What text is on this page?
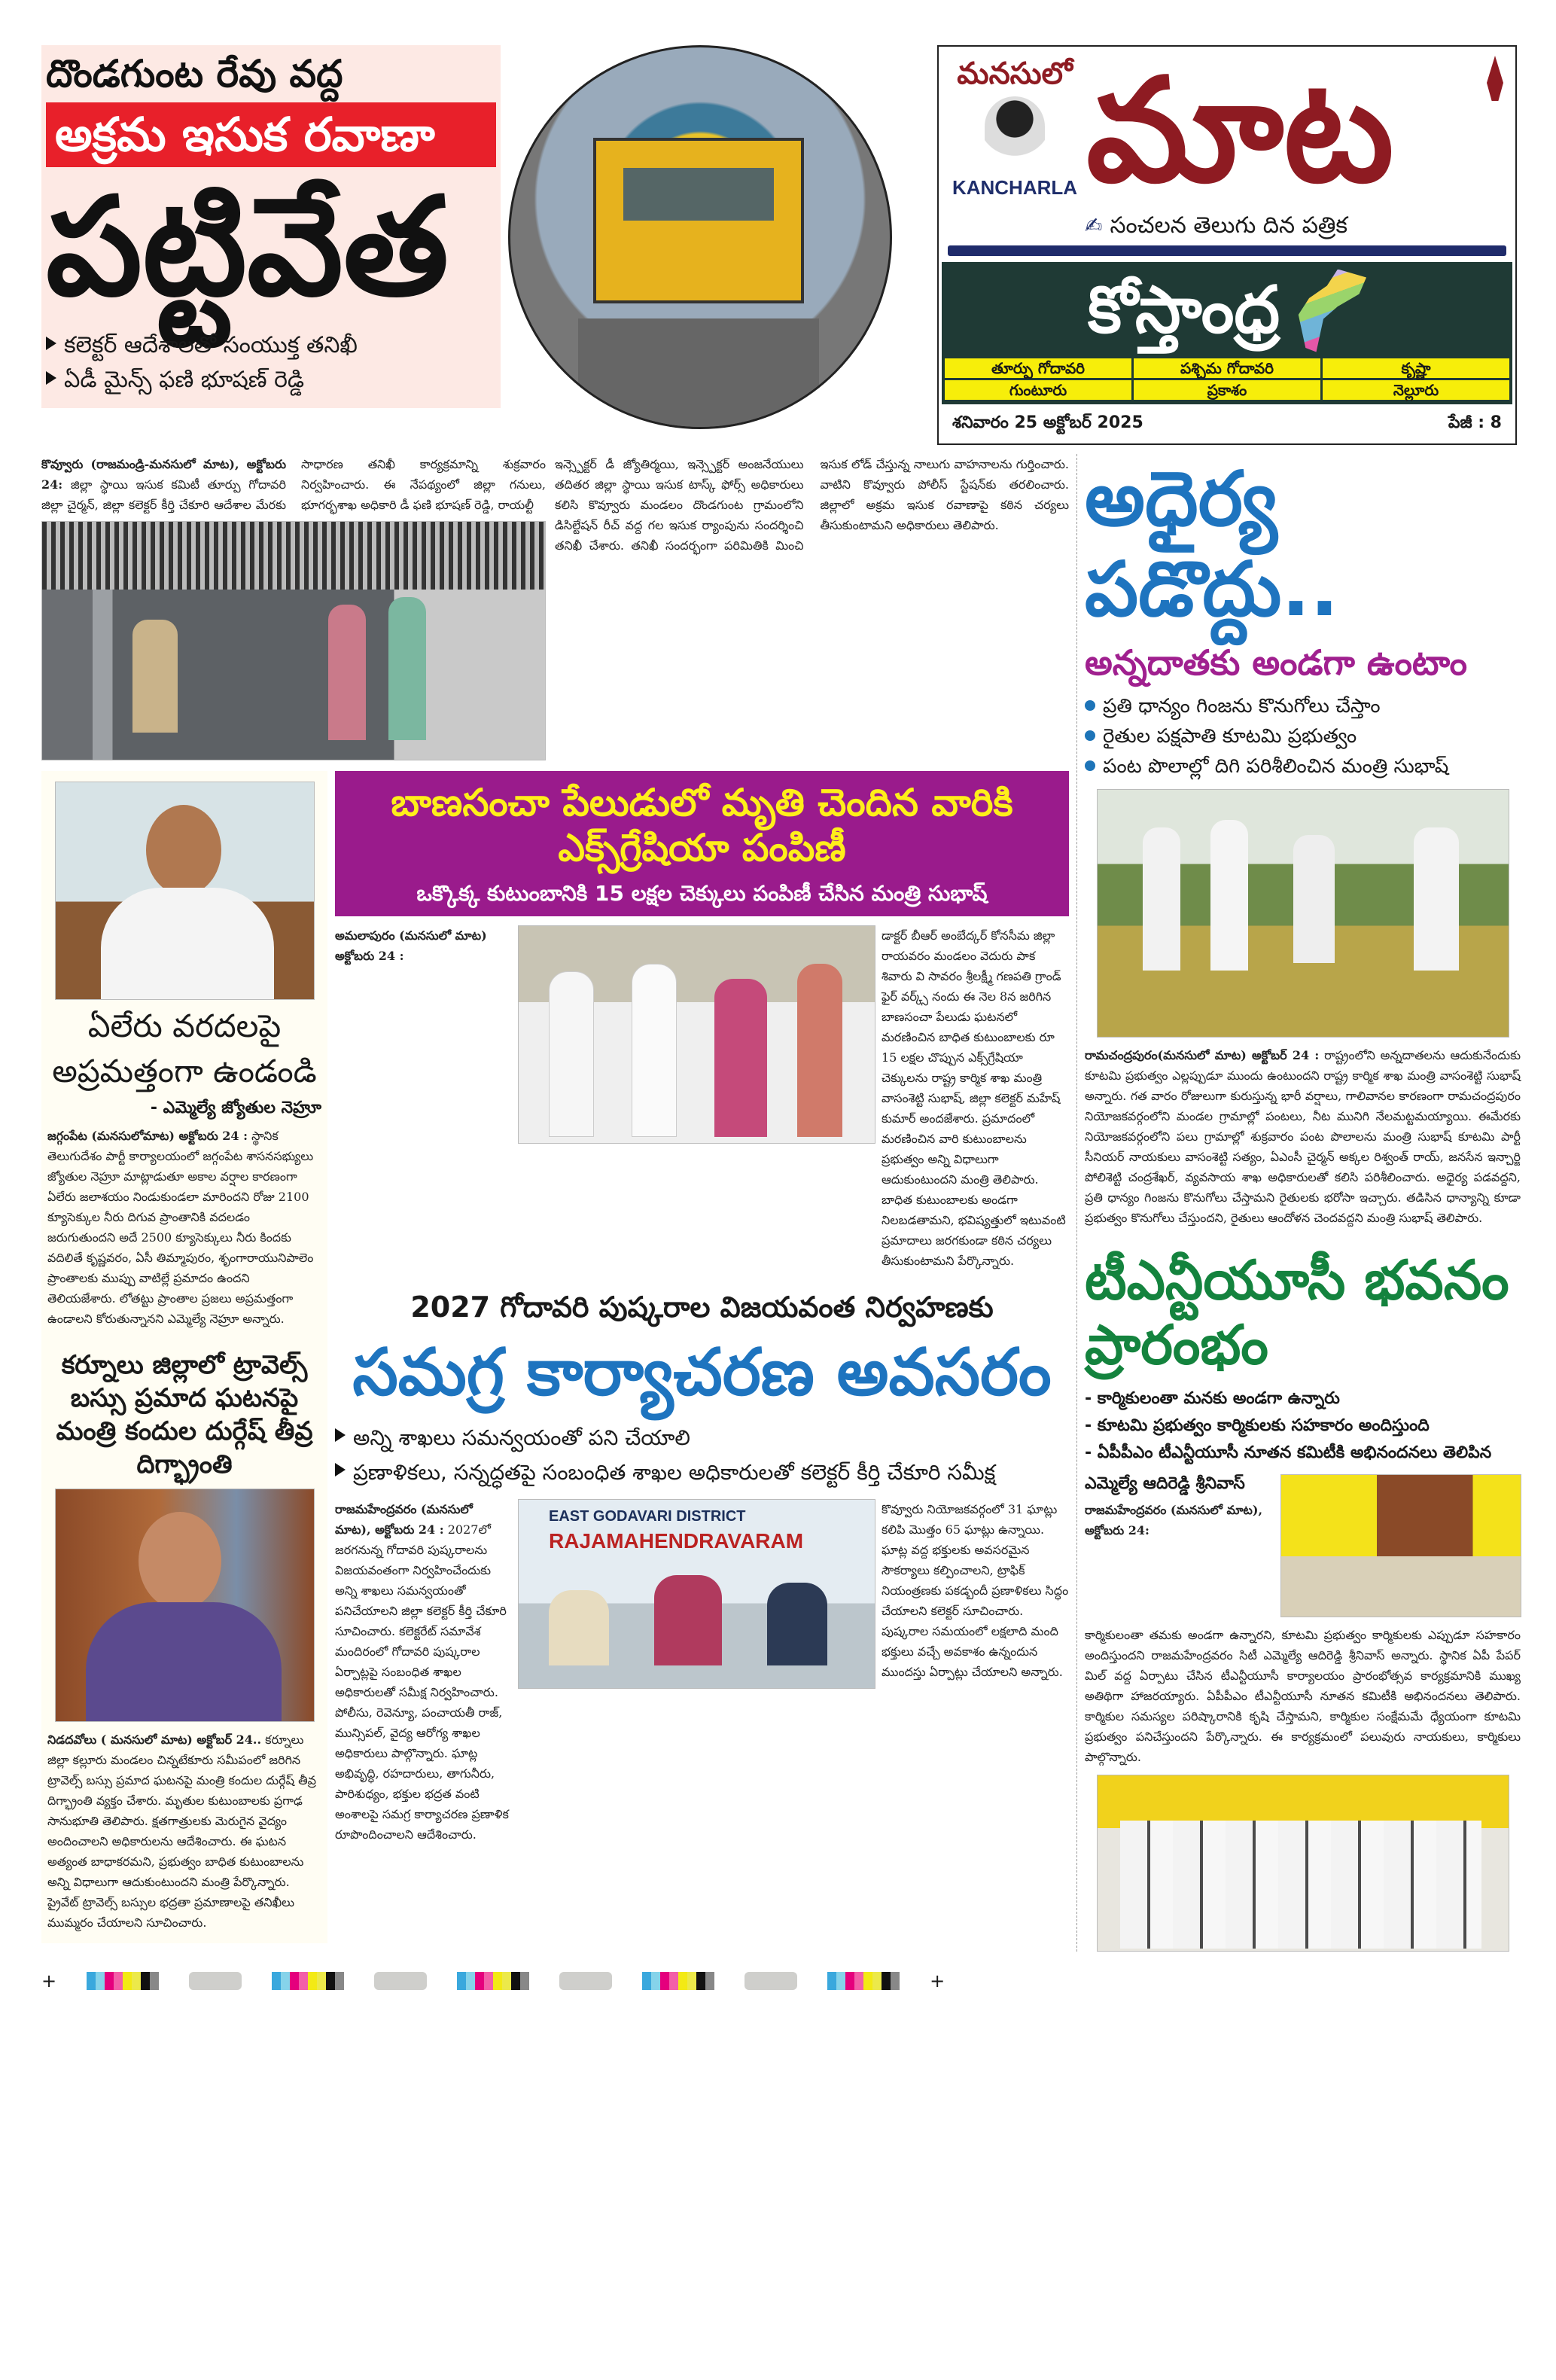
దొండగుంట రేవు వద్ద
అక్రమ ఇసుక రవాణా
పట్టివేత
కలెక్టర్ ఆదేశాలతో సంయుక్త తనిఖీ
ఏడీ మైన్స్ ఫణి భూషణ్ రెడ్డి
మనసులో
KANCHARLA మాట
✍ సంచలన తెలుగు దిన పత్రిక
కోస్తాంధ్ర
తూర్పు గోదావరి	పశ్చిమ గోదావరి	కృష్ణా
గుంటూరు	ప్రకాశం	నెల్లూరు
శనివారం 25 అక్టోబర్ 2025	పేజీ : 8
కొవ్వూరు (రాజమండ్రి-మనసులో మాట), అక్టోబరు 24: జిల్లా స్థాయి ఇసుక కమిటీ తూర్పు గోదావరి జిల్లా చైర్మన్, జిల్లా కలెక్టర్ కీర్తి చేకూరి ఆదేశాల మేరకు సాధారణ తనిఖీ కార్యక్రమాన్ని శుక్రవారం నిర్వహించారు. ఈ నేపథ్యంలో జిల్లా గనులు, భూగర్భశాఖ అధికారి డీ ఫణి భూషణ్ రెడ్డి, రాయల్టీ
ఇన్స్పెక్టర్ డీ జ్యోతిర్మయి, ఇన్స్పెక్టర్ అంజనేయులు తదితర జిల్లా స్థాయి ఇసుక టాస్క్ ఫోర్స్ అధికారులు కలిసి కొవ్వూరు మండలం దొండగుంట గ్రామంలోని డిసిల్టేషన్ రీచ్ వద్ద గల ఇసుక ర్యాంపును సందర్శించి తనిఖీ చేశారు. తనిఖీ సందర్భంగా పరిమితికి మించి ఇసుక లోడ్ చేస్తున్న నాలుగు వాహనాలను గుర్తించారు. వాటిని కొవ్వూరు పోలీస్ స్టేషన్‌కు తరలించారు. జిల్లాలో అక్రమ ఇసుక రవాణాపై కఠిన చర్యలు తీసుకుంటామని అధికారులు తెలిపారు.
ఏలేరు వరదలపై
అప్రమత్తంగా ఉండండి
- ఎమ్మెల్యే జ్యోతుల నెహ్రూ
జగ్గంపేట (మనసులోమాట) అక్టోబరు 24 : స్థానిక తెలుగుదేశం పార్టీ కార్యాలయంలో జగ్గంపేట శాసనసభ్యులు జ్యోతుల నెహ్రూ మాట్లాడుతూ అకాల వర్షాల కారణంగా ఏలేరు జలాశయం నిండుకుండలా మారిందని రోజు 2100 క్యూసెక్కుల నీరు దిగువ ప్రాంతానికి వదలడం జరుగుతుందని అదే 2500 క్యూసెక్కులు నీరు కిందకు వదిలితే కృష్ణవరం, ఏసీ తిమ్మాపురం, శృంగారాయునిపాలెం ప్రాంతాలకు ముప్పు వాటిల్లే ప్రమాదం ఉందని తెలియజేశారు. లోతట్టు ప్రాంతాల ప్రజలు అప్రమత్తంగా ఉండాలని కోరుతున్నానని ఎమ్మెల్యే నెహ్రూ అన్నారు.
కర్నూలు జిల్లాలో ట్రావెల్స్ బస్సు ప్రమాద ఘటనపై మంత్రి కందుల దుర్గేష్ తీవ్ర దిగ్భ్రాంతి
నిడదవోలు ( మనసులో మాట) అక్టోబర్ 24.. కర్నూలు జిల్లా కల్లూరు మండలం చిన్నటేకూరు సమీపంలో జరిగిన ట్రావెల్స్ బస్సు ప్రమాద ఘటనపై మంత్రి కందుల దుర్గేష్ తీవ్ర దిగ్భ్రాంతి వ్యక్తం చేశారు. మృతుల కుటుంబాలకు ప్రగాఢ సానుభూతి తెలిపారు. క్షతగాత్రులకు మెరుగైన వైద్యం అందించాలని అధికారులను ఆదేశించారు. ఈ ఘటన అత్యంత బాధాకరమని, ప్రభుత్వం బాధిత కుటుంబాలను అన్ని విధాలుగా ఆదుకుంటుందని మంత్రి పేర్కొన్నారు. ప్రైవేట్ ట్రావెల్స్ బస్సుల భద్రతా ప్రమాణాలపై తనిఖీలు ముమ్మరం చేయాలని సూచించారు.
బాణసంచా పేలుడులో మృతి చెందిన వారికి ఎక్స్‌గ్రేషియా పంపిణీ
ఒక్కొక్క కుటుంబానికి 15 లక్షల చెక్కులు పంపిణీ చేసిన మంత్రి సుభాష్
అమలాపురం (మనసులో మాట) అక్టోబరు 24 :
డాక్టర్ బీఆర్ అంబేద్కర్ కోనసీమ జిల్లా రాయవరం మండలం వెదురు పాక శివారు వి సావరం శ్రీలక్ష్మీ గణపతి గ్రాండ్ ఫైర్ వర్క్స్ నందు ఈ నెల 8న జరిగిన బాణసంచా పేలుడు ఘటనలో మరణించిన బాధిత కుటుంబాలకు రూ 15 లక్షల చొప్పున ఎక్స్‌గ్రేషియా చెక్కులను రాష్ట్ర కార్మిక శాఖ మంత్రి వాసంశెట్టి సుభాష్, జిల్లా కలెక్టర్ మహేష్ కుమార్ అందజేశారు. ప్రమాదంలో మరణించిన వారి కుటుంబాలను ప్రభుత్వం అన్ని విధాలుగా ఆదుకుంటుందని మంత్రి తెలిపారు. బాధిత కుటుంబాలకు అండగా నిలబడతామని, భవిష్యత్తులో ఇటువంటి ప్రమాదాలు జరగకుండా కఠిన చర్యలు తీసుకుంటామని పేర్కొన్నారు.
2027 గోదావరి పుష్కరాల విజయవంత నిర్వహణకు
సమగ్ర కార్యాచరణ అవసరం
అన్ని శాఖలు సమన్వయంతో పని చేయాలి
ప్రణాళికలు, సన్నద్ధతపై సంబంధిత శాఖల అధికారులతో కలెక్టర్ కీర్తి చేకూరి సమీక్ష
రాజమహేంద్రవరం (మనసులో మాట), అక్టోబరు 24 : 2027లో జరగనున్న గోదావరి పుష్కరాలను విజయవంతంగా నిర్వహించేందుకు అన్ని శాఖలు సమన్వయంతో పనిచేయాలని జిల్లా కలెక్టర్ కీర్తి చేకూరి సూచించారు. కలెక్టరేట్ సమావేశ మందిరంలో గోదావరి పుష్కరాల ఏర్పాట్లపై సంబంధిత శాఖల అధికారులతో సమీక్ష నిర్వహించారు. పోలీసు, రెవెన్యూ, పంచాయతీ రాజ్, మున్సిపల్, వైద్య ఆరోగ్య శాఖల అధికారులు పాల్గొన్నారు. ఘాట్ల అభివృద్ధి, రహదారులు, తాగునీరు, పారిశుధ్యం, భక్తుల భద్రత వంటి అంశాలపై సమగ్ర కార్యాచరణ ప్రణాళిక రూపొందించాలని ఆదేశించారు.
EAST GODAVARI DISTRICT
RAJAMAHENDRAVARAM
కొవ్వూరు నియోజకవర్గంలో 31 ఘాట్లు కలిపి మొత్తం 65 ఘాట్లు ఉన్నాయి. ఘాట్ల వద్ద భక్తులకు అవసరమైన సౌకర్యాలు కల్పించాలని, ట్రాఫిక్ నియంత్రణకు పకడ్బందీ ప్రణాళికలు సిద్ధం చేయాలని కలెక్టర్ సూచించారు. పుష్కరాల సమయంలో లక్షలాది మంది భక్తులు వచ్చే అవకాశం ఉన్నందున ముందస్తు ఏర్పాట్లు చేయాలని అన్నారు.
అధైర్య పడొద్దు..
అన్నదాతకు అండగా ఉంటాం
ప్రతి ధాన్యం గింజను కొనుగోలు చేస్తాం
రైతుల పక్షపాతి కూటమి ప్రభుత్వం
పంట పొలాల్లో దిగి పరిశీలించిన మంత్రి సుభాష్
రామచంద్రపురం(మనసులో మాట) అక్టోబర్ 24 : రాష్ట్రంలోని అన్నదాతలను ఆదుకునేందుకు కూటమి ప్రభుత్వం ఎల్లప్పుడూ ముందు ఉంటుందని రాష్ట్ర కార్మిక శాఖ మంత్రి వాసంశెట్టి సుభాష్ అన్నారు. గత వారం రోజులుగా కురుస్తున్న భారీ వర్షాలు, గాలివానల కారణంగా రామచంద్రపురం నియోజకవర్గంలోని మండల గ్రామాల్లో పంటలు, నీట మునిగి నేలమట్టమయ్యాయి. ఈమేరకు నియోజకవర్గంలోని పలు గ్రామాల్లో శుక్రవారం పంట పొలాలను మంత్రి సుభాష్ కూటమి పార్టీ సీనియర్ నాయకులు వాసంశెట్టి సత్యం, ఏఎంసీ చైర్మన్ అక్కల రిశ్వంత్ రాయ్, జనసేన ఇన్చార్జి పోలిశెట్టి చంద్రశేఖర్, వ్యవసాయ శాఖ అధికారులతో కలిసి పరిశీలించారు. అధైర్య పడవద్దని, ప్రతి ధాన్యం గింజను కొనుగోలు చేస్తామని రైతులకు భరోసా ఇచ్చారు. తడిసిన ధాన్యాన్ని కూడా ప్రభుత్వం కొనుగోలు చేస్తుందని, రైతులు ఆందోళన చెందవద్దని మంత్రి సుభాష్ తెలిపారు.
టీఎన్టీయూసీ భవనం ప్రారంభం
- కార్మికులంతా మనకు అండగా ఉన్నారు
- కూటమి ప్రభుత్వం కార్మికులకు సహకారం అందిస్తుంది
- ఏపీపీఎం టీఎన్టీయూసీ నూతన కమిటీకి అభినందనలు తెలిపిన
ఎమ్మెల్యే ఆదిరెడ్డి శ్రీనివాస్
రాజమహేంద్రవరం (మనసులో మాట), అక్టోబరు 24:
కార్మికులంతా తమకు అండగా ఉన్నారని, కూటమి ప్రభుత్వం కార్మికులకు ఎప్పుడూ సహకారం అందిస్తుందని రాజమహేంద్రవరం సిటీ ఎమ్మెల్యే ఆదిరెడ్డి శ్రీనివాస్ అన్నారు. స్థానిక ఏపీ పేపర్ మిల్ వద్ద ఏర్పాటు చేసిన టీఎన్టీయూసీ కార్యాలయం ప్రారంభోత్సవ కార్యక్రమానికి ముఖ్య అతిథిగా హాజరయ్యారు. ఏపీపీఎం టీఎన్టీయూసీ నూతన కమిటీకి అభినందనలు తెలిపారు. కార్మికుల సమస్యల పరిష్కారానికి కృషి చేస్తామని, కార్మికుల సంక్షేమమే ధ్యేయంగా కూటమి ప్రభుత్వం పనిచేస్తుందని పేర్కొన్నారు. ఈ కార్యక్రమంలో పలువురు నాయకులు, కార్మికులు పాల్గొన్నారు.
+	+
